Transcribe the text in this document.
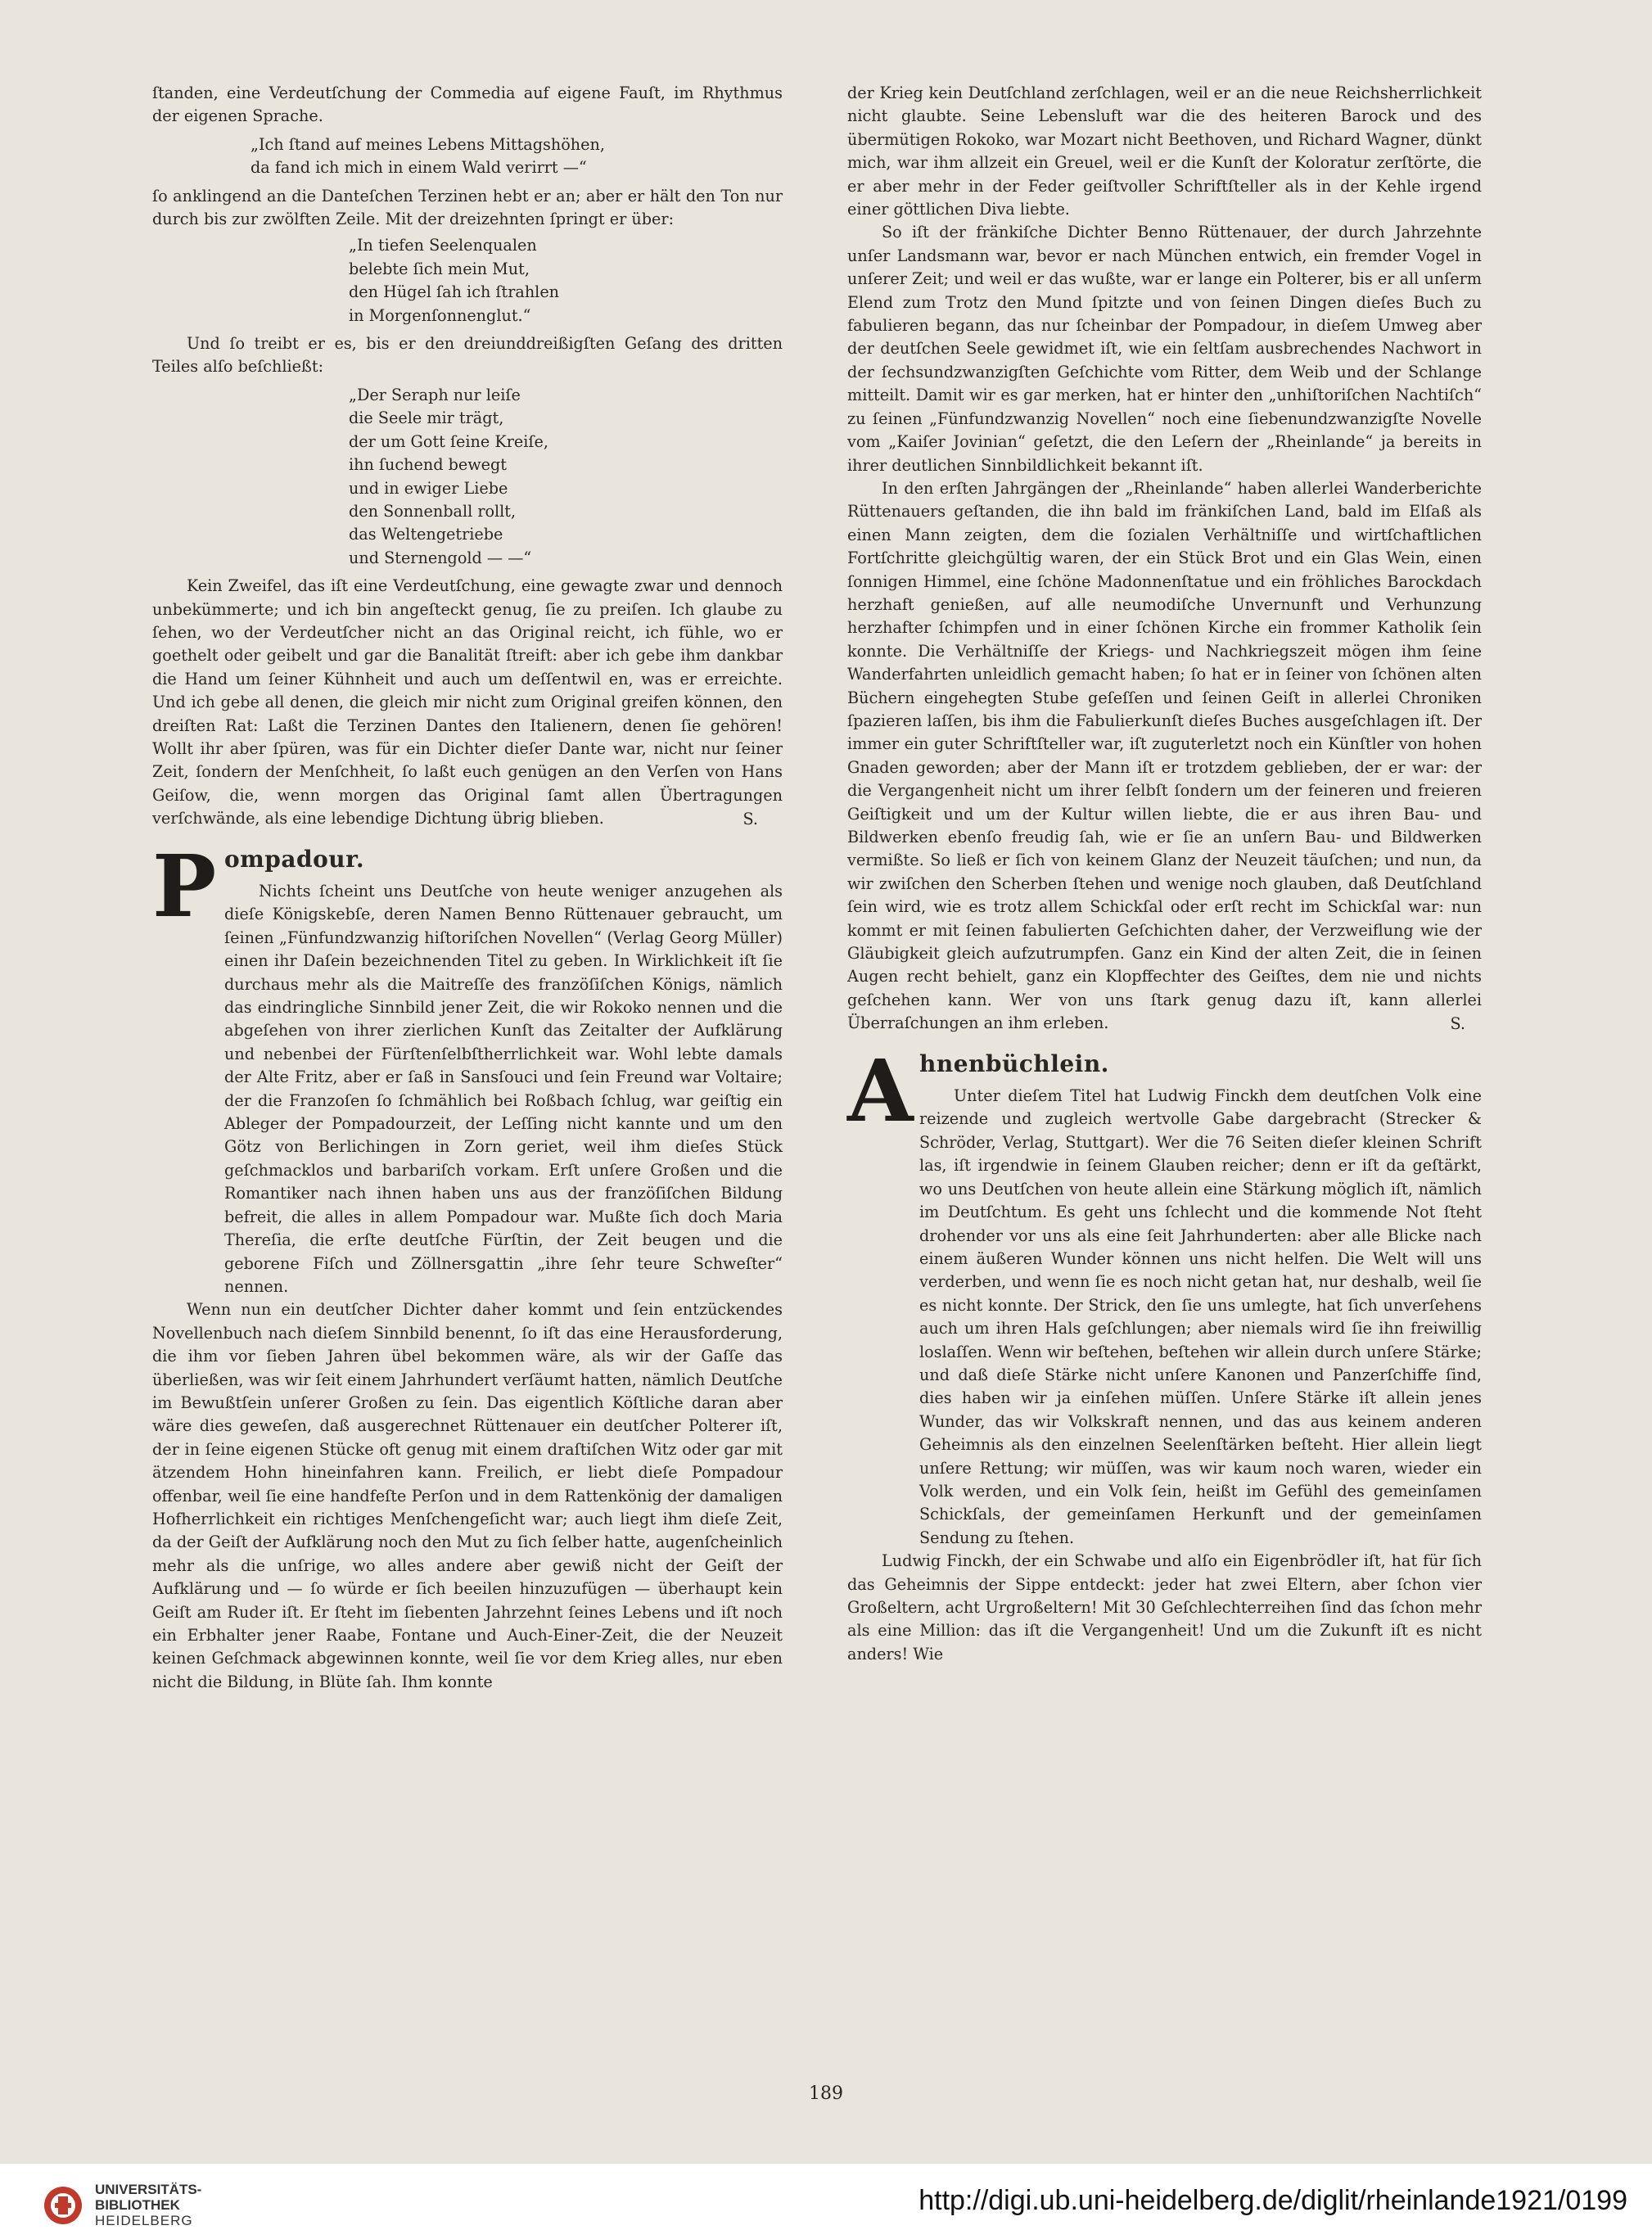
ſtanden, eine Verdeutſchung der Commedia auf eigene Fauſt, im Rhythmus der eigenen Sprache.

„Ich ſtand auf meines Lebens Mittagshöhen,
da fand ich mich in einem Wald verirrt —“

ſo anklingend an die Danteſchen Terzinen hebt er an; aber er hält den Ton nur durch bis zur zwölften Zeile. Mit der dreizehnten ſpringt er über:

„In tiefen Seelenqualen
belebte ſich mein Mut,
den Hügel ſah ich ſtrahlen
in Morgenſonnenglut.“

Und ſo treibt er es, bis er den dreiunddreißigſten Geſang des dritten Teiles alſo beſchließt:

„Der Seraph nur leiſe
die Seele mir trägt,
der um Gott ſeine Kreiſe,
ihn ſuchend bewegt
und in ewiger Liebe
den Sonnenball rollt,
das Weltengetriebe
und Sternengold — —“

Kein Zweifel, das iſt eine Verdeutſchung, eine gewagte zwar und dennoch unbekümmerte; und ich bin angeſteckt genug, ſie zu preiſen. Ich glaube zu ſehen, wo der Verdeutſcher nicht an das Original reicht, ich fühle, wo er goethelt oder geibelt und gar die Banalität ſtreift: aber ich gebe ihm dankbar die Hand um ſeiner Kühnheit und auch um deſſentwil en, was er erreichte. Und ich gebe all denen, die gleich mir nicht zum Original greifen können, den dreiſten Rat: Laßt die Terzinen Dantes den Italienern, denen ſie gehören! Wollt ihr aber ſpüren, was für ein Dichter dieſer Dante war, nicht nur ſeiner Zeit, ſondern der Menſchheit, ſo laßt euch genügen an den Verſen von Hans Geiſow, die, wenn morgen das Original ſamt allen Übertragungen verſchwände, als eine lebendige Dichtung übrig blieben.	S.
P ompadour.

Nichts ſcheint uns Deutſche von heute weniger anzugehen als dieſe Königskebſe, deren Namen Benno Rüttenauer gebraucht, um ſeinen „Fünfundzwanzig hiſtoriſchen Novellen“ (Verlag Georg Müller) einen ihr Daſein bezeichnenden Titel zu geben. In Wirklichkeit iſt ſie durchaus mehr als die Maitreſſe des franzöſiſchen Königs, nämlich das eindringliche Sinnbild jener Zeit, die wir Rokoko nennen und die abgeſehen von ihrer zierlichen Kunſt das Zeitalter der Aufklärung und nebenbei der Fürſtenſelbſtherrlichkeit war. Wohl lebte damals der Alte Fritz, aber er ſaß in Sansſouci und ſein Freund war Voltaire; der die Franzoſen ſo ſchmählich bei Roßbach ſchlug, war geiſtig ein Ableger der Pompadourzeit, der Leſſing nicht kannte und um den Götz von Berlichingen in Zorn geriet, weil ihm dieſes Stück geſchmacklos und barbariſch vorkam. Erſt unſere Großen und die Romantiker nach ihnen haben uns aus der franzöſiſchen Bildung befreit, die alles in allem Pompadour war. Mußte ſich doch Maria Thereſia, die erſte deutſche Fürſtin, der Zeit beugen und die geborene Fiſch und Zöllnersgattin „ihre ſehr teure Schweſter“ nennen.

Wenn nun ein deutſcher Dichter daher kommt und ſein entzückendes Novellenbuch nach dieſem Sinnbild benennt, ſo iſt das eine Herausforderung, die ihm vor ſieben Jahren übel bekommen wäre, als wir der Gaſſe das überließen, was wir ſeit einem Jahrhundert verſäumt hatten, nämlich Deutſche im Bewußtſein unſerer Großen zu ſein. Das eigentlich Köſtliche daran aber wäre dies geweſen, daß ausgerechnet Rüttenauer ein deutſcher Polterer iſt, der in ſeine eigenen Stücke oft genug mit einem draſtiſchen Witz oder gar mit ätzendem Hohn hineinfahren kann. Freilich, er liebt dieſe Pompadour offenbar, weil ſie eine handfeſte Perſon und in dem Rattenkönig der damaligen Hofherrlichkeit ein richtiges Menſchengeſicht war; auch liegt ihm dieſe Zeit, da der Geiſt der Aufklärung noch den Mut zu ſich ſelber hatte, augenſcheinlich mehr als die unſrige, wo alles andere aber gewiß nicht der Geiſt der Aufklärung und — ſo würde er ſich beeilen hinzuzufügen — überhaupt kein Geiſt am Ruder iſt. Er ſteht im ſiebenten Jahrzehnt ſeines Lebens und iſt noch ein Erbhalter jener Raabe, Fontane und Auch-Einer-Zeit, die der Neuzeit keinen Geſchmack abgewinnen konnte, weil ſie vor dem Krieg alles, nur eben nicht die Bildung, in Blüte ſah. Ihm konnte

der Krieg kein Deutſchland zerſchlagen, weil er an die neue Reichsherrlichkeit nicht glaubte. Seine Lebensluft war die des heiteren Barock und des übermütigen Rokoko, war Mozart nicht Beethoven, und Richard Wagner, dünkt mich, war ihm allzeit ein Greuel, weil er die Kunſt der Koloratur zerſtörte, die er aber mehr in der Feder geiſtvoller Schriftſteller als in der Kehle irgend einer göttlichen Diva liebte.

So iſt der fränkiſche Dichter Benno Rüttenauer, der durch Jahrzehnte unſer Landsmann war, bevor er nach München entwich, ein fremder Vogel in unſerer Zeit; und weil er das wußte, war er lange ein Polterer, bis er all unſerm Elend zum Trotz den Mund ſpitzte und von ſeinen Dingen dieſes Buch zu fabulieren begann, das nur ſcheinbar der Pompadour, in dieſem Umweg aber der deutſchen Seele gewidmet iſt, wie ein ſeltſam ausbrechendes Nachwort in der ſechsundzwanzigſten Geſchichte vom Ritter, dem Weib und der Schlange mitteilt. Damit wir es gar merken, hat er hinter den „unhiſtoriſchen Nachtiſch“ zu ſeinen „Fünfundzwanzig Novellen“ noch eine ſiebenundzwanzigſte Novelle vom „Kaiſer Jovinian“ geſetzt, die den Leſern der „Rheinlande“ ja bereits in ihrer deutlichen Sinnbildlichkeit bekannt iſt.

In den erſten Jahrgängen der „Rheinlande“ haben allerlei Wanderberichte Rüttenauers geſtanden, die ihn bald im fränkiſchen Land, bald im Elſaß als einen Mann zeigten, dem die ſozialen Verhältniſſe und wirtſchaftlichen Fortſchritte gleichgültig waren, der ein Stück Brot und ein Glas Wein, einen ſonnigen Himmel, eine ſchöne Madonnenſtatue und ein fröhliches Barockdach herzhaft genießen, auf alle neumodiſche Unvernunft und Verhunzung herzhafter ſchimpfen und in einer ſchönen Kirche ein frommer Katholik ſein konnte. Die Verhältniſſe der Kriegs- und Nachkriegszeit mögen ihm ſeine Wanderfahrten unleidlich gemacht haben; ſo hat er in ſeiner von ſchönen alten Büchern eingehegten Stube geſeſſen und ſeinen Geiſt in allerlei Chroniken ſpazieren laſſen, bis ihm die Fabulierkunſt dieſes Buches ausgeſchlagen iſt. Der immer ein guter Schriftſteller war, iſt zuguterletzt noch ein Künſtler von hohen Gnaden geworden; aber der Mann iſt er trotzdem geblieben, der er war: der die Vergangenheit nicht um ihrer ſelbſt ſondern um der feineren und freieren Geiſtigkeit und um der Kultur willen liebte, die er aus ihren Bau- und Bildwerken ebenſo freudig ſah, wie er ſie an unſern Bau- und Bildwerken vermißte. So ließ er ſich von keinem Glanz der Neuzeit täuſchen; und nun, da wir zwiſchen den Scherben ſtehen und wenige noch glauben, daß Deutſchland ſein wird, wie es trotz allem Schickſal oder erſt recht im Schickſal war: nun kommt er mit ſeinen fabulierten Geſchichten daher, der Verzweiflung wie der Gläubigkeit gleich aufzutrumpfen. Ganz ein Kind der alten Zeit, die in ſeinen Augen recht behielt, ganz ein Klopffechter des Geiſtes, dem nie und nichts geſchehen kann. Wer von uns ſtark genug dazu iſt, kann allerlei Überraſchungen an ihm erleben.	S.
A hnenbüchlein.

Unter dieſem Titel hat Ludwig Finckh dem deutſchen Volk eine reizende und zugleich wertvolle Gabe dargebracht (Strecker & Schröder, Verlag, Stuttgart). Wer die 76 Seiten dieſer kleinen Schrift las, iſt irgendwie in ſeinem Glauben reicher; denn er iſt da geſtärkt, wo uns Deutſchen von heute allein eine Stärkung möglich iſt, nämlich im Deutſchtum. Es geht uns ſchlecht und die kommende Not ſteht drohender vor uns als eine ſeit Jahrhunderten: aber alle Blicke nach einem äußeren Wunder können uns nicht helfen. Die Welt will uns verderben, und wenn ſie es noch nicht getan hat, nur deshalb, weil ſie es nicht konnte. Der Strick, den ſie uns umlegte, hat ſich unverſehens auch um ihren Hals geſchlungen; aber niemals wird ſie ihn freiwillig loslaſſen. Wenn wir beſtehen, beſtehen wir allein durch unſere Stärke; und daß dieſe Stärke nicht unſere Kanonen und Panzerſchiffe ſind, dies haben wir ja einſehen müſſen. Unſere Stärke iſt allein jenes Wunder, das wir Volkskraft nennen, und das aus keinem anderen Geheimnis als den einzelnen Seelenſtärken beſteht. Hier allein liegt unſere Rettung; wir müſſen, was wir kaum noch waren, wieder ein Volk werden, und ein Volk ſein, heißt im Gefühl des gemeinſamen Schickſals, der gemeinſamen Herkunft und der gemeinſamen Sendung zu ſtehen.

Ludwig Finckh, der ein Schwabe und alſo ein Eigenbrödler iſt, hat für ſich das Geheimnis der Sippe entdeckt: jeder hat zwei Eltern, aber ſchon vier Großeltern, acht Urgroßeltern! Mit 30 Geſchlechterreihen ſind das ſchon mehr als eine Million: das iſt die Vergangenheit! Und um die Zukunft iſt es nicht anders! Wie

189
UNIVERSITÄTS-
BIBLIOTHEK
HEIDELBERG
http://digi.ub.uni-heidelberg.de/diglit/rheinlande1921/0199
